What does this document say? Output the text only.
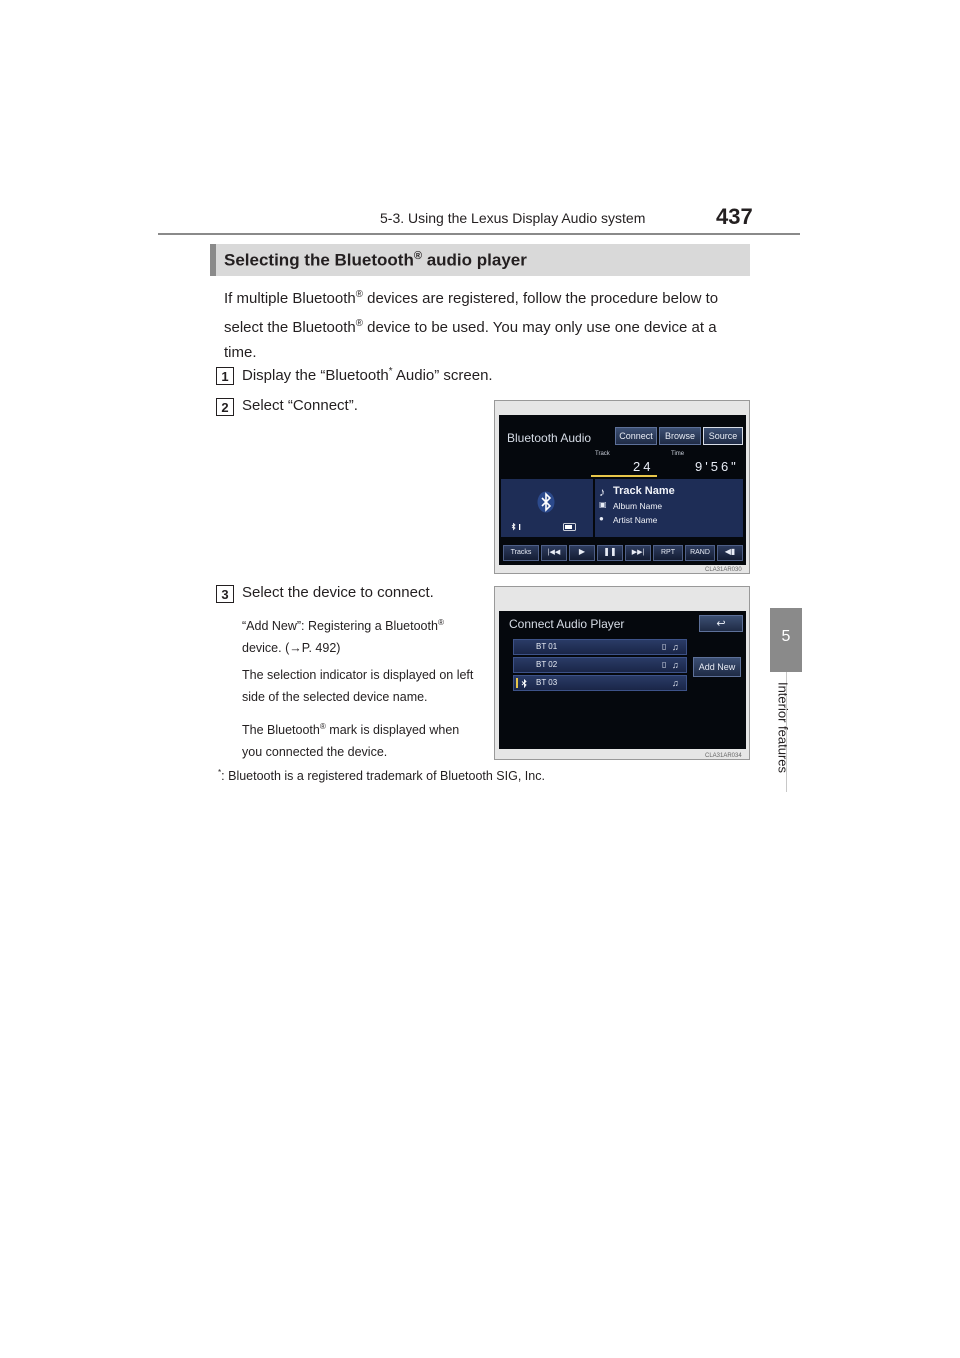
5-3. Using the Lexus Display Audio system	437
5
Interior features
Selecting the Bluetooth® audio player
If multiple Bluetooth® devices are registered, follow the procedure below to select the Bluetooth® device to be used. You may only use one device at a time.
1 Display the “Bluetooth* Audio” screen.
2 Select “Connect”.
3 Select the device to connect.
“Add New”: Registering a Bluetooth® device. (→P. 492)
The selection indicator is displayed on left side of the selected device name.
The Bluetooth® mark is displayed when you connected the device.
*: Bluetooth is a registered trademark of Bluetooth SIG, Inc.
Bluetooth Audio	Connect	Browse	Source
Track	Time
24	9'56"
♪ Track Name
▣ Album Name
● Artist Name
Tracks	|◀◀	▶	❚❚	▶▶|	RPT	RAND	◀▮
CLA31AR030
Connect Audio Player	↩
BT 01	▯ ♫
BT 02	▯ ♫
BT 03	♫
Add New
CLA31AR034
